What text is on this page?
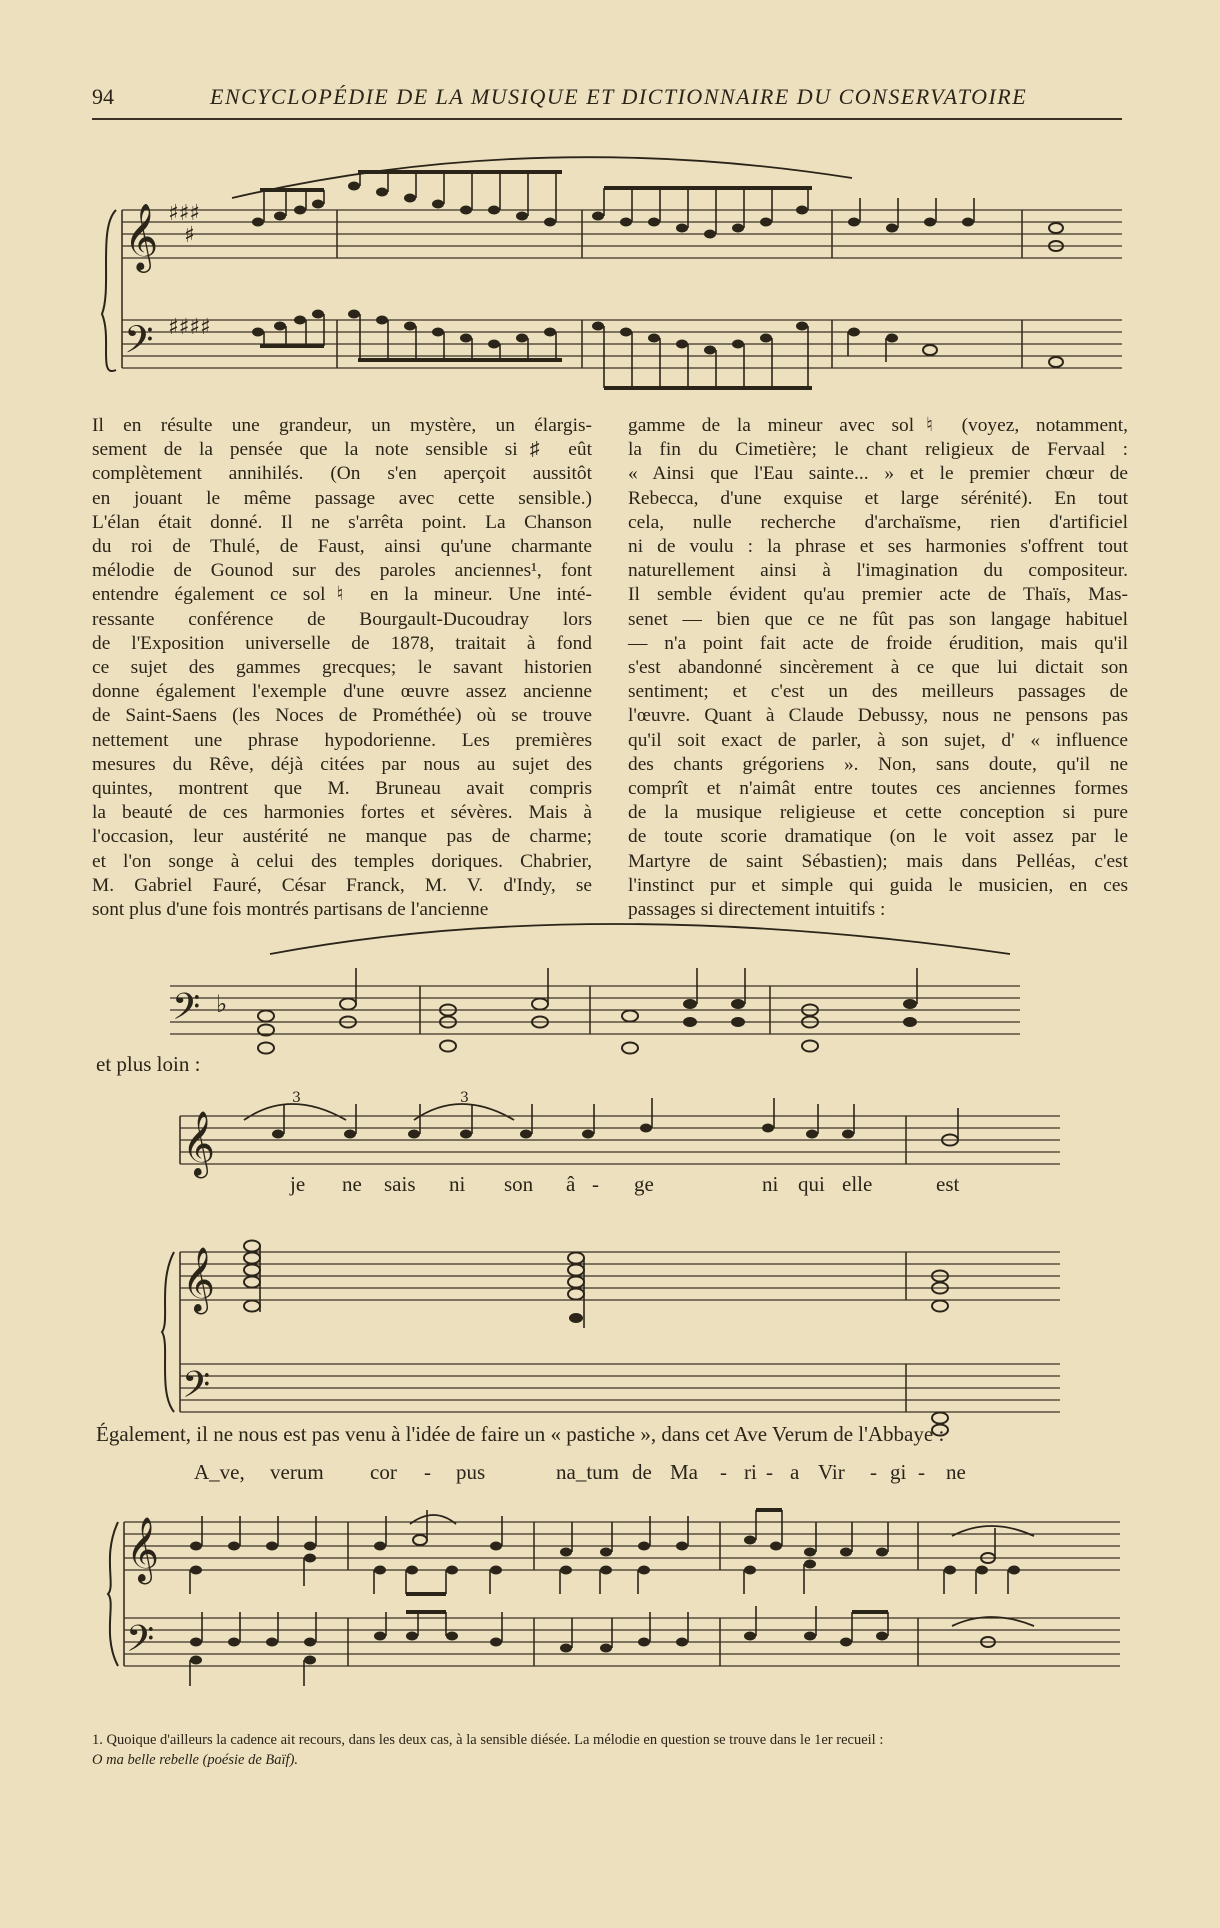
94	ENCYCLOPÉDIE DE LA MUSIQUE ET DICTIONNAIRE DU CONSERVATOIRE
𝄞 ♯♯♯
♯
𝄢 ♯♯♯♯

Il en résulte une grandeur, un mystère, un élargis-
sement de la pensée que la note sensible si♯ eût
complètement annihilés. (On s'en aperçoit aussitôt
en jouant le même passage avec cette sensible.)
L'élan était donné. Il ne s'arrêta point. La Chanson
du roi de Thulé, de Faust, ainsi qu'une charmante
mélodie de Gounod sur des paroles anciennes¹, font
entendre également ce sol♮ en la mineur. Une inté-
ressante conférence de Bourgault-Ducoudray lors
de l'Exposition universelle de 1878, traitait à fond
ce sujet des gammes grecques; le savant historien
donne également l'exemple d'une œuvre assez ancienne
de Saint-Saens (les Noces de Prométhée) où se trouve
nettement une phrase hypodorienne. Les premières
mesures du Rêve, déjà citées par nous au sujet des
quintes, montrent que M. Bruneau avait compris
la beauté de ces harmonies fortes et sévères. Mais à
l'occasion, leur austérité ne manque pas de charme;
et l'on songe à celui des temples doriques. Chabrier,
M. Gabriel Fauré, César Franck, M. V. d'Indy, se
sont plus d'une fois montrés partisans de l'ancienne

gamme de la mineur avec sol♮ (voyez, notamment,
la fin du Cimetière; le chant religieux de Fervaal :
« Ainsi que l'Eau sainte... » et le premier chœur de
Rebecca, d'une exquise et large sérénité). En tout
cela, nulle recherche d'archaïsme, rien d'artificiel
ni de voulu : la phrase et ses harmonies s'offrent tout
naturellement ainsi à l'imagination du compositeur.
Il semble évident qu'au premier acte de Thaïs, Mas-
senet — bien que ce ne fût pas son langage habituel
— n'a point fait acte de froide érudition, mais qu'il
s'est abandonné sincèrement à ce que lui dictait son
sentiment; et c'est un des meilleurs passages de
l'œuvre. Quant à Claude Debussy, nous ne pensons pas
qu'il soit exact de parler, à son sujet, d' « influence
des chants grégoriens ». Non, sans doute, qu'il ne
comprît et n'aimât entre toutes ces anciennes formes
de la musique religieuse et cette conception si pure
de toute scorie dramatique (on le voit assez par le
Martyre de saint Sébastien); mais dans Pelléas, c'est
l'instinct pur et simple qui guida le musicien, en ces
passages si directement intuitifs :

𝄢 ♭
et plus loin :
3	3
𝄞
𝄞
𝄢
je ne sais ni son â - ge	ni qui elle	est
Également, il ne nous est pas venu à l'idée de faire un « pastiche », dans cet Ave Verum de l'Abbaye :
A_ve, verum cor - pus	na_tum de Ma - ri - a Vir - gi - ne
𝄞
𝄢
1. Quoique d'ailleurs la cadence ait recours, dans les deux cas, à la sensible diésée. La mélodie en question se trouve dans le 1er recueil :
O ma belle rebelle (poésie de Baïf).
